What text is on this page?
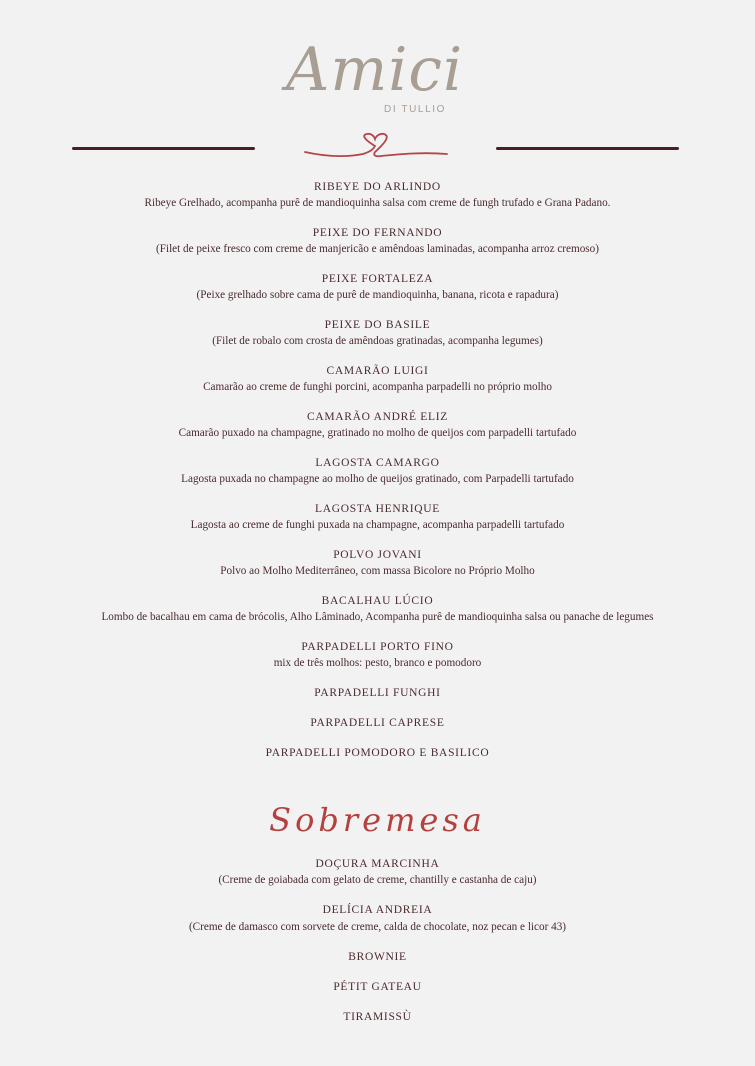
Amici
DI TULLIO
RIBEYE DO ARLINDO
Ribeye Grelhado, acompanha purê de mandioquinha salsa com creme de fungh trufado e Grana Padano.
PEIXE DO FERNANDO
(Filet de peixe fresco com creme de manjericão e amêndoas laminadas, acompanha arroz cremoso)
PEIXE FORTALEZA
(Peixe grelhado sobre cama de purê de mandioquinha, banana, ricota e rapadura)
PEIXE DO BASILE
(Filet de robalo com crosta de amêndoas gratinadas, acompanha legumes)
CAMARÃO LUIGI
Camarão ao creme de funghi porcini, acompanha parpadelli no próprio molho
CAMARÃO ANDRÉ ELIZ
Camarão puxado na champagne, gratinado no molho de queijos com parpadelli tartufado
LAGOSTA CAMARGO
Lagosta puxada no champagne ao molho de queijos gratinado, com Parpadelli tartufado
LAGOSTA HENRIQUE
Lagosta ao creme de funghi puxada na champagne, acompanha parpadelli tartufado
POLVO JOVANI
Polvo ao Molho Mediterrâneo, com massa Bicolore no Próprio Molho
BACALHAU LÚCIO
Lombo de bacalhau em cama de brócolis, Alho Lâminado, Acompanha purê de mandioquinha salsa ou panache de legumes
PARPADELLI PORTO FINO
mix de três molhos: pesto, branco e pomodoro
PARPADELLI FUNGHI
PARPADELLI CAPRESE
PARPADELLI POMODORO E BASILICO
Sobremesa
DOÇURA MARCINHA
(Creme de goiabada com gelato de creme, chantilly e castanha de caju)
DELÍCIA ANDREIA
(Creme de damasco com sorvete de creme, calda de chocolate, noz pecan e licor 43)
BROWNIE
PÉTIT GATEAU
TIRAMISSÙ
